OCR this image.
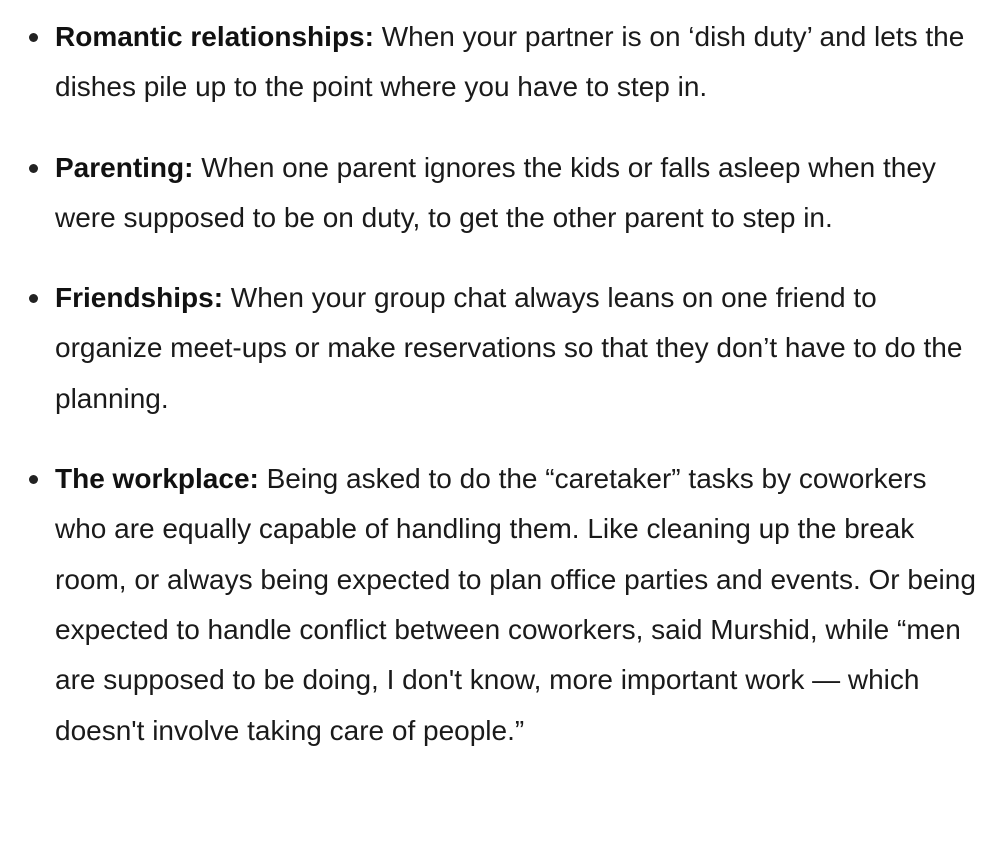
Romantic relationships: When your partner is on ‘dish duty’ and lets the dishes pile up to the point where you have to step in.
Parenting: When one parent ignores the kids or falls asleep when they were supposed to be on duty, to get the other parent to step in.
Friendships: When your group chat always leans on one friend to organize meet-ups or make reservations so that they don’t have to do the planning.
The workplace: Being asked to do the “caretaker” tasks by coworkers who are equally capable of handling them. Like cleaning up the break room, or always being expected to plan office parties and events. Or being expected to handle conflict between coworkers, said Murshid, while “men are supposed to be doing, I don't know, more important work — which doesn't involve taking care of people.”
